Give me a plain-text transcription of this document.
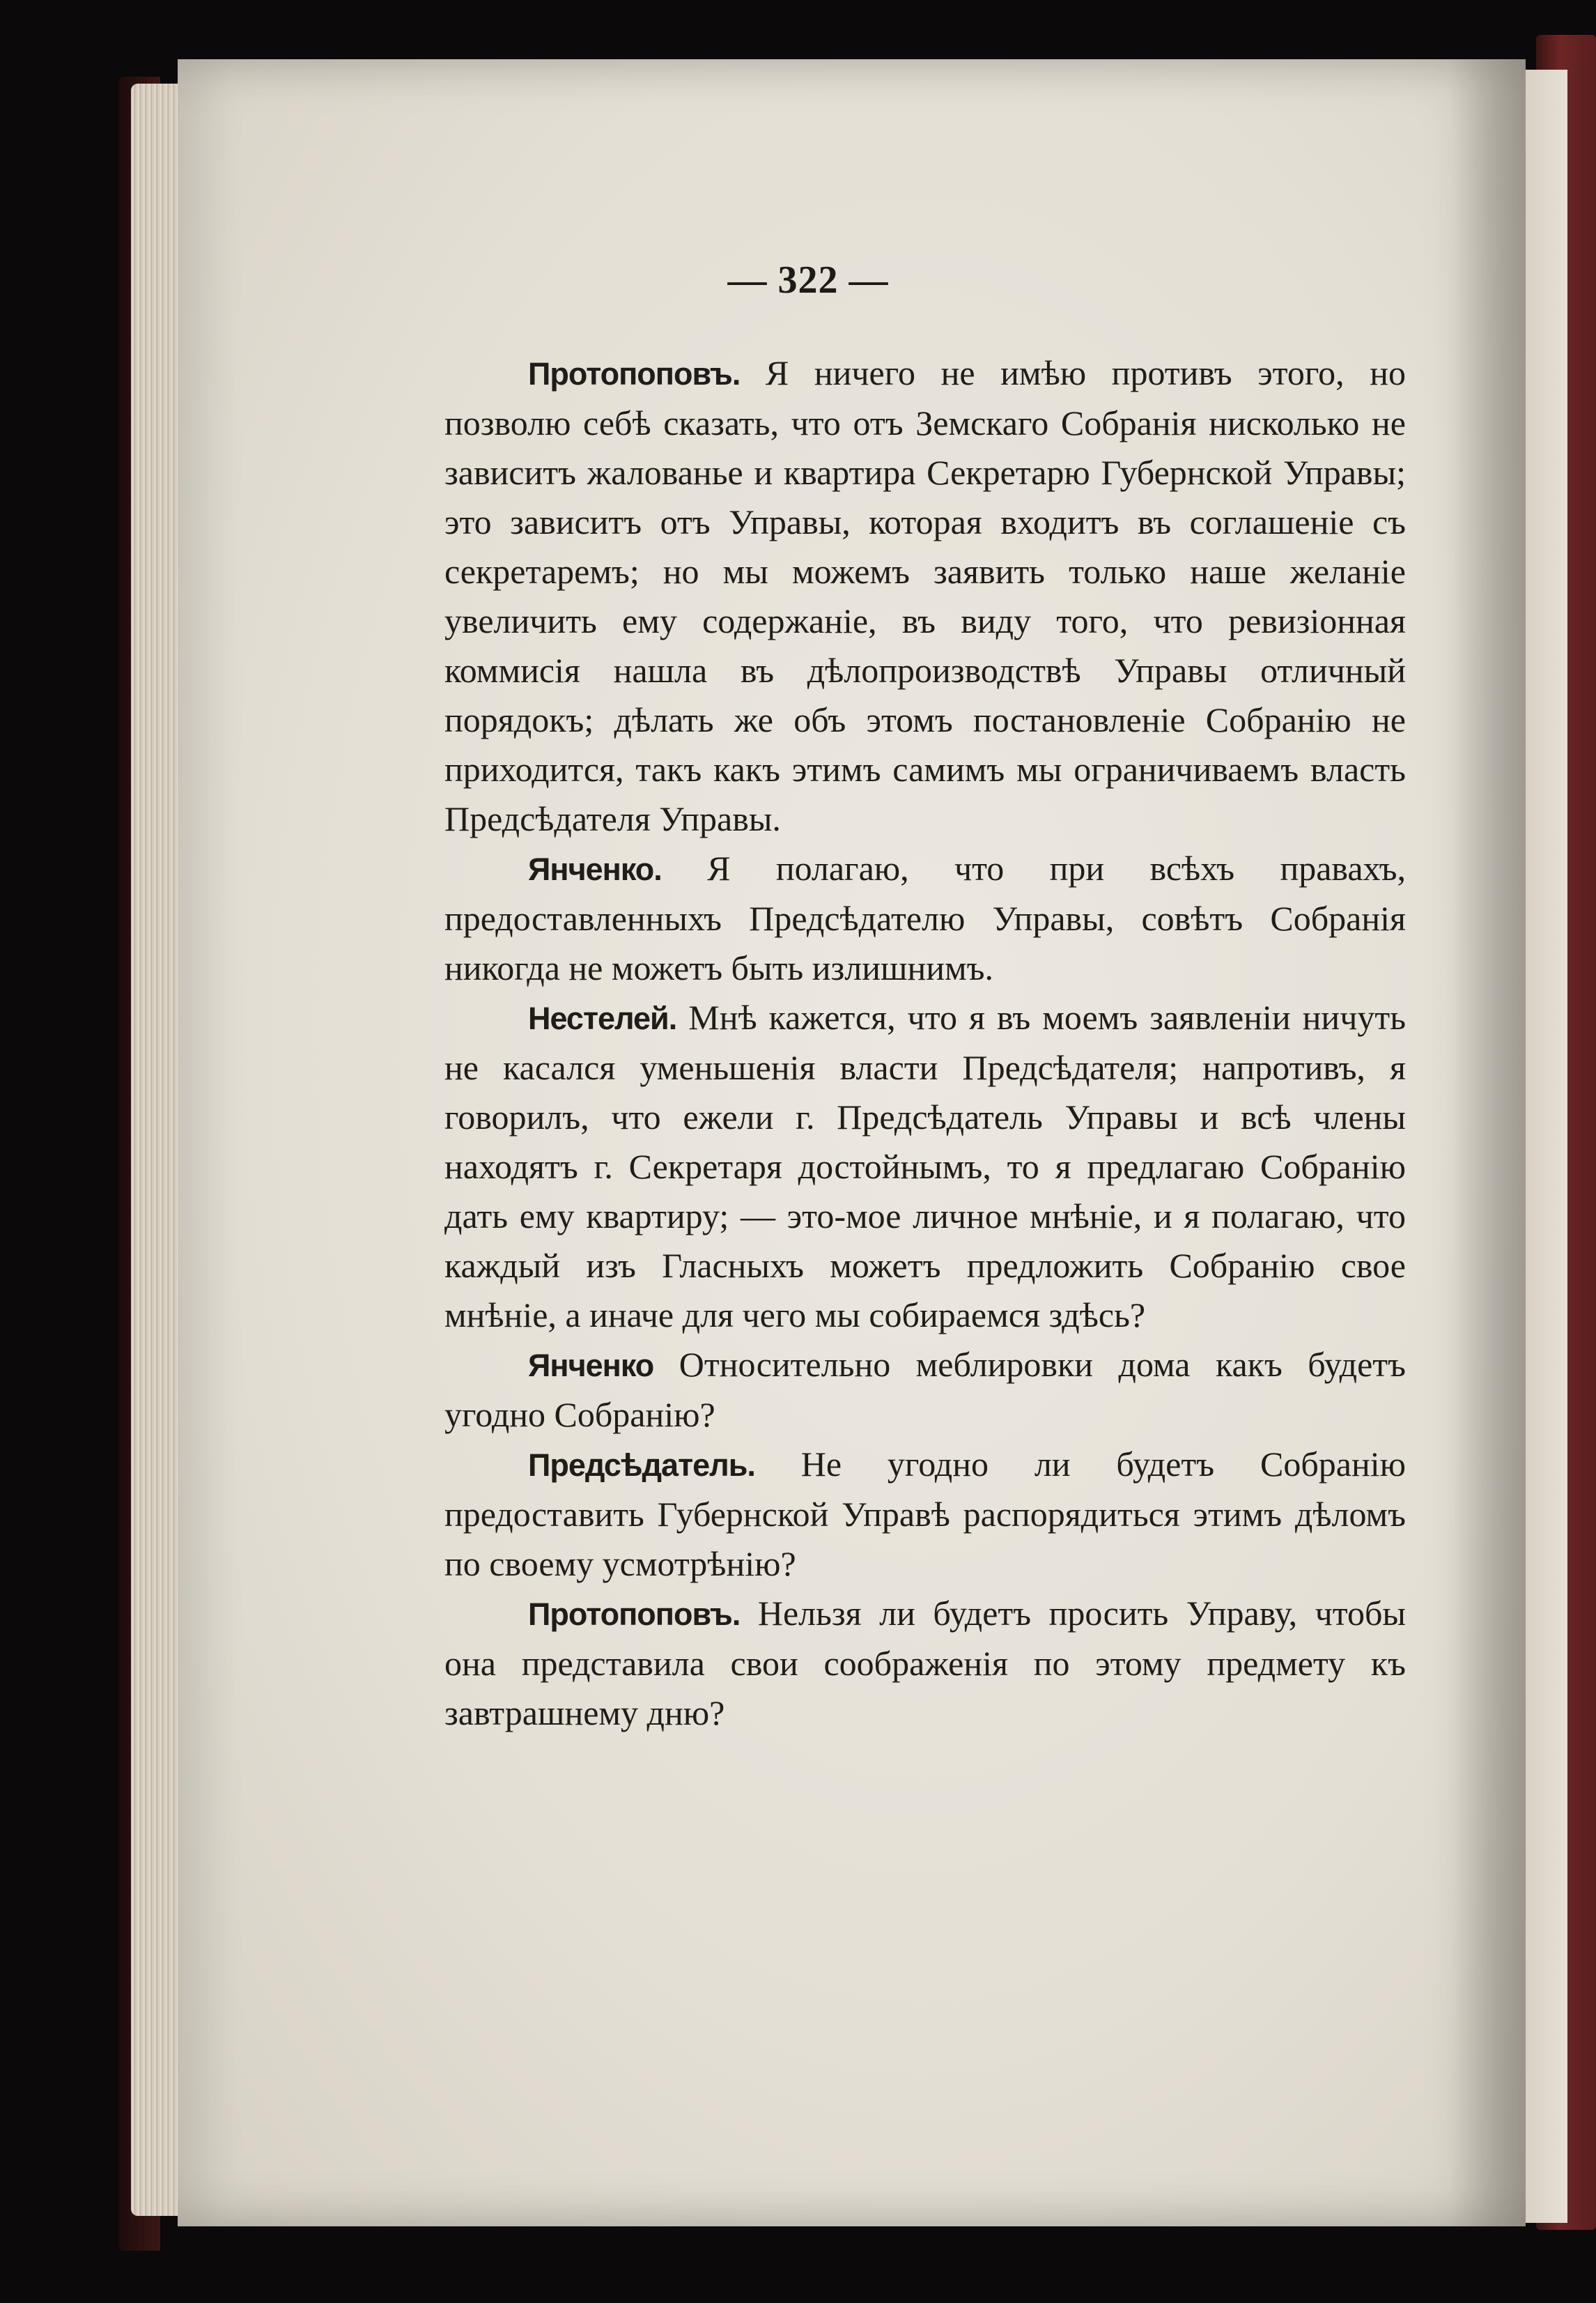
— 322 —

Протопоповъ. Я ничего не имѣю противъ этого, но позволю себѣ сказать, что отъ Земскаго Собранія нисколько не зависитъ жалованье и квартира Секретарю Губернской Управы; это зависитъ отъ Управы, которая входитъ въ соглашеніе съ секретаремъ; но мы можемъ заявить только наше желаніе увеличить ему содержаніе, въ виду того, что ревизіонная коммисія нашла въ дѣлопроизводствѣ Управы отличный порядокъ; дѣлать же объ этомъ постановленіе Собранію не приходится, такъ какъ этимъ самимъ мы ограничиваемъ власть Предсѣдателя Управы.

Янченко. Я полагаю, что при всѣхъ правахъ, предоставленныхъ Предсѣдателю Управы, совѣтъ Собранія никогда не можетъ быть излишнимъ.

Нестелей. Мнѣ кажется, что я въ моемъ заявленіи ничуть не касался уменьшенія власти Предсѣдателя; напротивъ, я говорилъ, что ежели г. Предсѣдатель Управы и всѣ члены находятъ г. Секретаря достойнымъ, то я предлагаю Собранію дать ему квартиру; — это-мое личное мнѣніе, и я полагаю, что каждый изъ Гласныхъ можетъ предложить Собранію свое мнѣніе, а иначе для чего мы собираемся здѣсь?

Янченко Относительно меблировки дома какъ будетъ угодно Собранію?

Предсѣдатель. Не угодно ли будетъ Собранію предоставить Губернской Управѣ распорядиться этимъ дѣломъ по своему усмотрѣнію?

Протопоповъ. Нельзя ли будетъ просить Управу, чтобы она представила свои соображенія по этому предмету къ завтрашнему дню?
